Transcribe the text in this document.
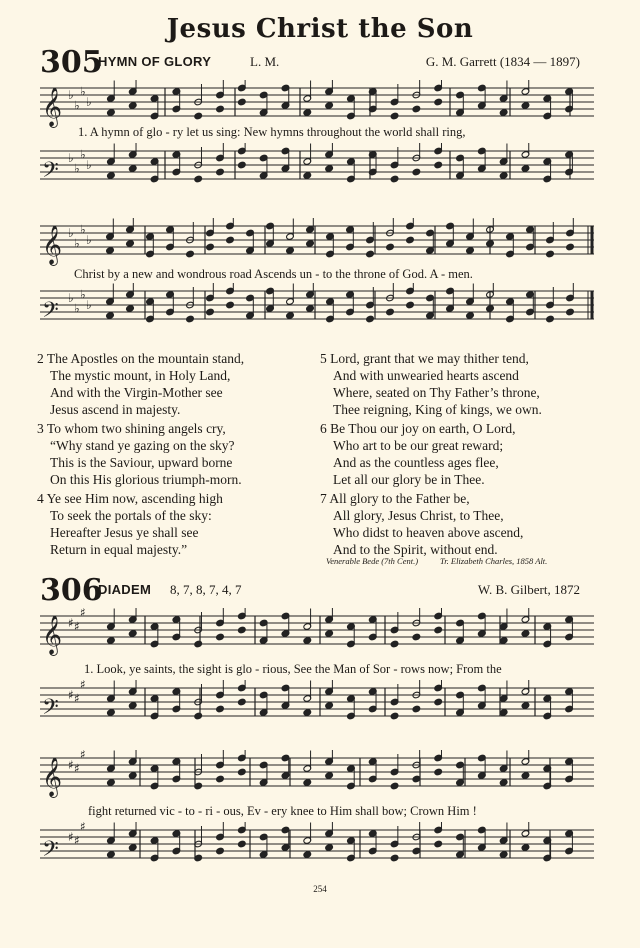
Jesus Christ the Son
305
HYMN OF GLORY	L. M.	G. M. Garrett (1834 — 1897)
𝄞 ♭
♭
♭
♭
1. A hymn of glo - ry let us sing: New hymns throughout the world shall ring,
𝄢 ♭
♭
♭
♭
𝄞 ♭
♭
♭
♭
Christ by a new and wondrous road Ascends un - to the throne of God. A - men.
𝄢 ♭
♭
♭
♭
2 The Apostles on the mountain stand,
The mystic mount, in Holy Land,
And with the Virgin-Mother see
Jesus ascend in majesty.
3 To whom two shining angels cry,
“Why stand ye gazing on the sky?
This is the Saviour, upward borne
On this His glorious triumph-morn.
4 Ye see Him now, ascending high
To seek the portals of the sky:
Hereafter Jesus ye shall see
Return in equal majesty.”
5 Lord, grant that we may thither tend,
And with unwearied hearts ascend
Where, seated on Thy Father’s throne,
Thee reigning, King of kings, we own.
6 Be Thou our joy on earth, O Lord,
Who art to be our great reward;
And as the countless ages flee,
Let all our glory be in Thee.
7 All glory to the Father be,
All glory, Jesus Christ, to Thee,
Who didst to heaven above ascend,
And to the Spirit, without end.
Venerable Bede (7th Cent.)	Tr. Elizabeth Charles, 1858 Alt.
306
DIADEM 8, 7, 8, 7, 4, 7	W. B. Gilbert, 1872
𝄞 ♯ ♯
♯
1. Look, ye saints, the sight is glo - rious, See the Man of Sor - rows now; From the
𝄢 ♯ ♯
♯
𝄞 ♯ ♯
♯
fight returned vic - to - ri - ous, Ev - ery knee to Him shall bow; Crown Him !
𝄢 ♯ ♯
♯
254
